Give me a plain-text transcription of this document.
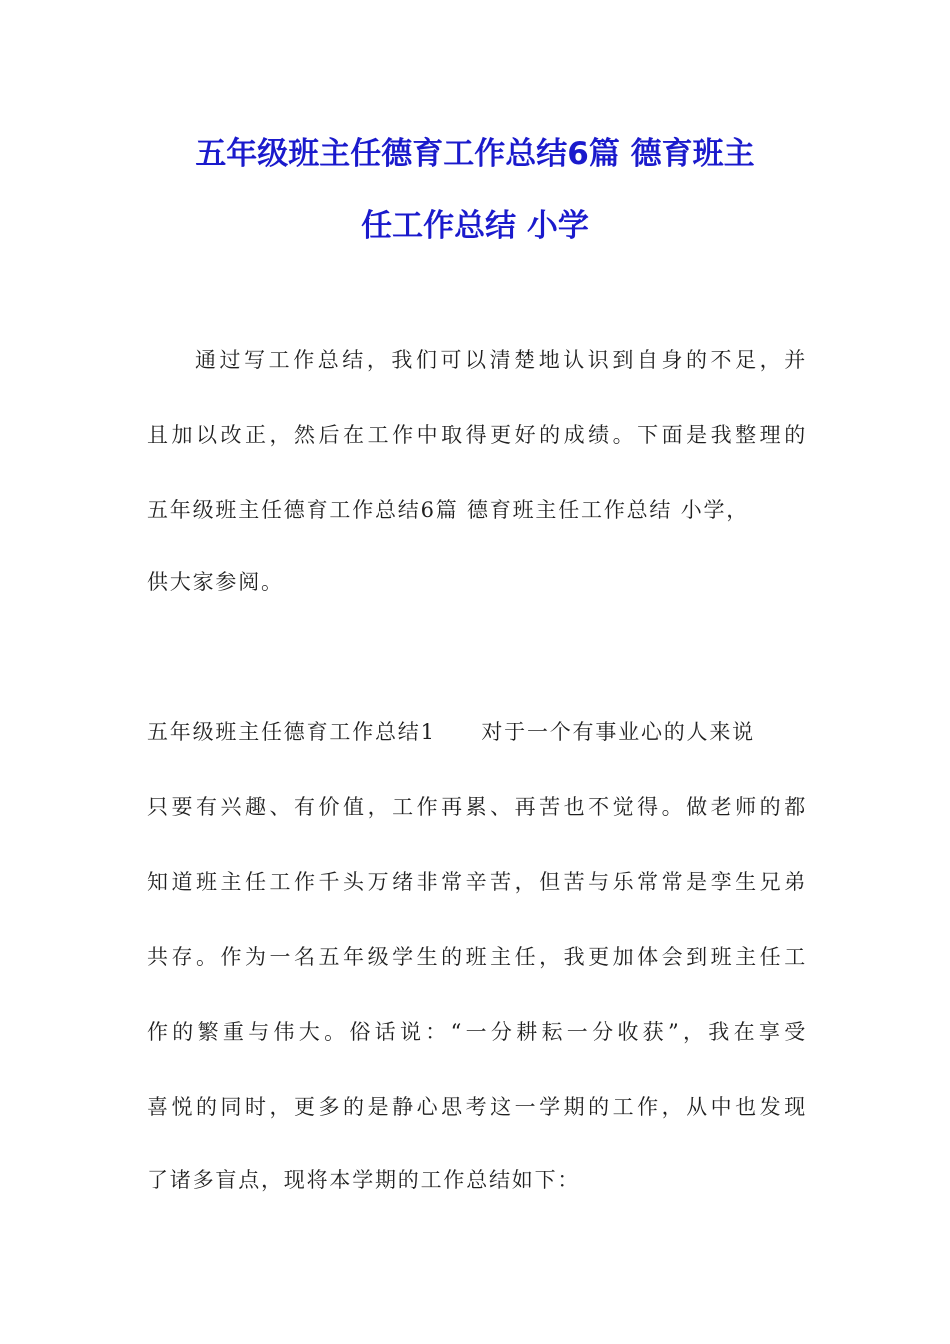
五年级班主任德育工作总结6篇 德育班主
任工作总结 小学

通过写工作总结，我们可以清楚地认识到自身的不足，并

且加以改正，然后在工作中取得更好的成绩。下面是我整理的

五年级班主任德育工作总结6篇 德育班主任工作总结 小学，

供大家参阅。

五年级班主任德育工作总结1　　对于一个有事业心的人来说

只要有兴趣、有价值，工作再累、再苦也不觉得。做老师的都

知道班主任工作千头万绪非常辛苦，但苦与乐常常是孪生兄弟

共存。作为一名五年级学生的班主任，我更加体会到班主任工

作的繁重与伟大。俗话说：“一分耕耘一分收获”，我在享受

喜悦的同时，更多的是静心思考这一学期的工作，从中也发现

了诸多盲点，现将本学期的工作总结如下：
